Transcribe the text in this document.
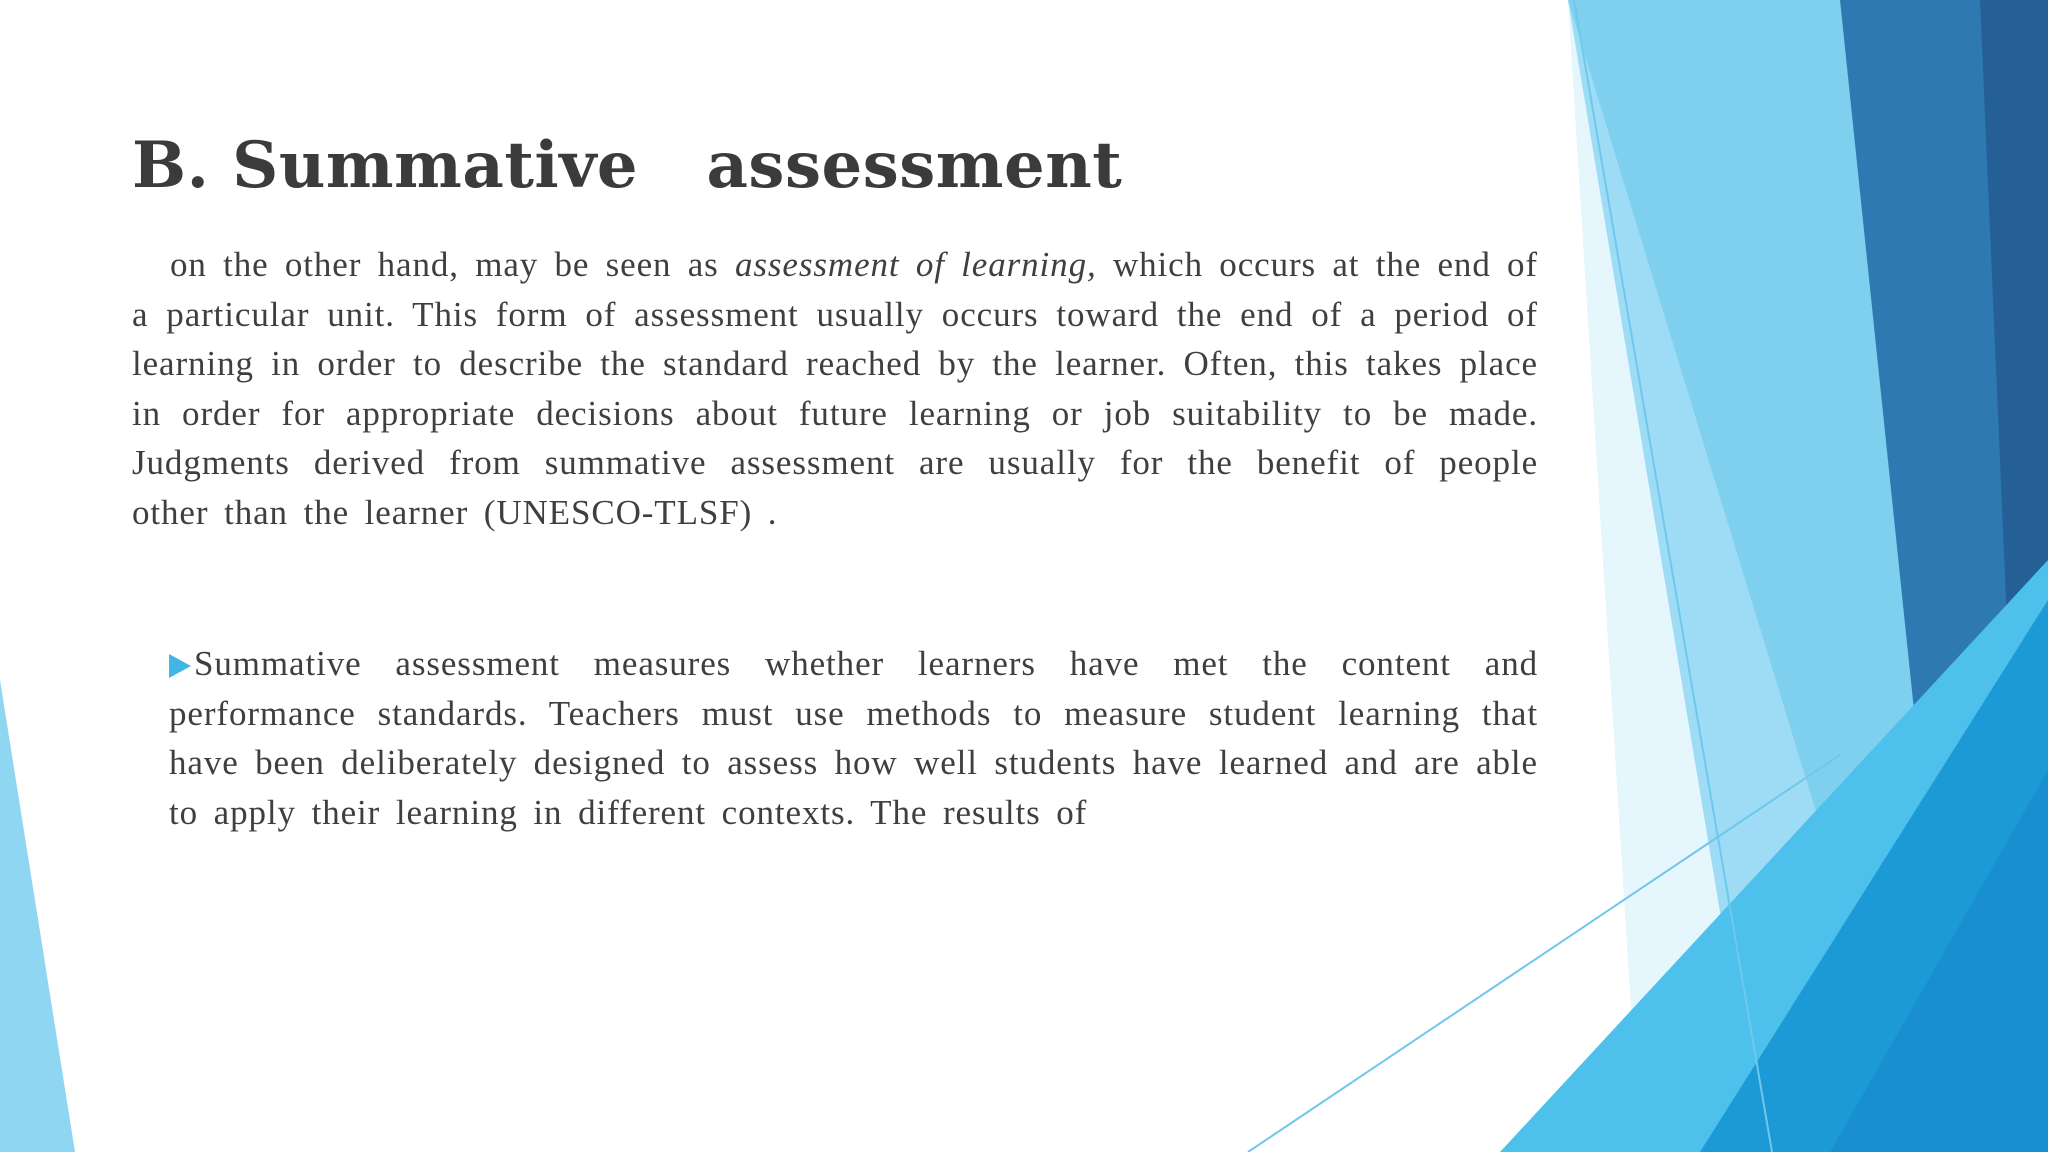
B. Summative   assessment

on the other hand, may be seen as assessment of learning, which occurs at the end of a particular unit. This form of assessment usually occurs toward the end of a period of learning in order to describe the standard reached by the learner. Often, this takes place in order for appropriate decisions about future learning or job suitability to be made. Judgments derived from summative assessment are usually for the benefit of people other than the learner (UNESCO-TLSF) .

Summative assessment measures whether learners have met the content and performance standards. Teachers must use methods to measure student learning that have been deliberately designed to assess how well students have learned and are able to apply their learning in different contexts. The results of
